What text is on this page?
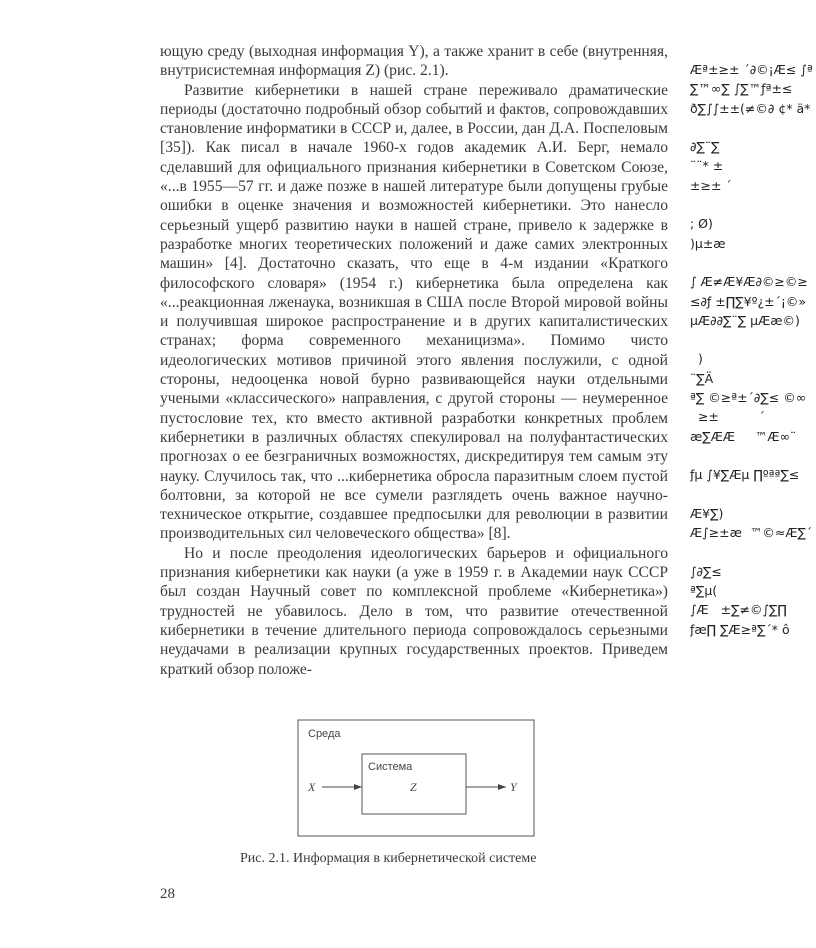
ющую среду (выходная информация Y), а также хранит в себе (внутренняя, внутрисистемная информация Z) (рис. 2.1).

Развитие кибернетики в нашей стране переживало драматические периоды (достаточно подробный обзор событий и фактов, сопровождавших становление информатики в СССР и, далее, в России, дан Д.А. Поспеловым [35]). Как писал в начале 1960-х годов академик А.И. Берг, немало сделавший для официального признания кибернетики в Советском Союзе, «...в 1955—57 гг. и даже позже в нашей литературе были допущены грубые ошибки в оценке значения и возможностей кибернетики. Это нанесло серьезный ущерб развитию науки в нашей стране, привело к задержке в разработке многих теоретических положений и даже самих электронных машин» [4]. Достаточно сказать, что еще в 4-м издании «Краткого философского словаря» (1954 г.) кибернетика была определена как «...реакционная лженаука, возникшая в США после Второй мировой войны и получившая широкое распространение и в других капиталистических странах; форма современного механицизма». Помимо чисто идеологических мотивов причиной этого явления послужили, с одной стороны, недооценка новой бурно развивающейся науки отдельными учеными «классического» направления, с другой стороны — неумеренное пустословие тех, кто вместо активной разработки конкретных проблем кибернетики в различных областях спекулировал на полуфантастических прогнозах о ее безграничных возможностях, дискредитируя тем самым эту науку. Случилось так, что ...кибернетика обросла паразитным слоем пустой болтовни, за которой не все сумели разглядеть очень важное научно-техническое открытие, создавшее предпосылки для революции в развитии производительных сил человеческого общества» [8].

Но и после преодоления идеологических барьеров и официального признания кибернетики как науки (а уже в 1959 г. в Академии наук СССР был создан Научный совет по комплексной проблеме «Кибернетика») трудностей не убавилось. Дело в том, что развитие отечественной кибернетики в течение длительного периода сопровождалось серьезными неудачами в реализации крупных государственных проектов. Приведем краткий обзор положе-

Æª±≥± ´∂©¡Æ≤ ∫ª
∑™∞∑ ∫∑™ƒª±≤
ð∑∫∫±±(≠©∂ ¢* ä*

∂∑¨∑
¨¨* ±
±≥± ´

; Ø)
)µ±æ

∫ Æ≠Æ¥Æ∂©≥©≥
≤∂ƒ ±∏∑¥º¿±´¡©»
µÆ∂∂∑¨∑ µÆæ©)

)
¨∑Ä
ª∑ ©≥ª±´∂∑≤ ©∞
≥±          ´
æ∑ÆÆ     ™Æ∞¨

ƒµ ∫¥∑Æµ ∏ºªª∑≤

Æ¥∑)
Æ∫≥±æ  ™©≈Æ∑´

∫∂∑≤
ª∑µ(
∫Æ   ±∑≠©∫∑∏
ƒæ∏ ∑Æ≥ª∑´* ô
Среда
Система
X	Z	Y
Рис. 2.1. Информация в кибернетической системе
28
